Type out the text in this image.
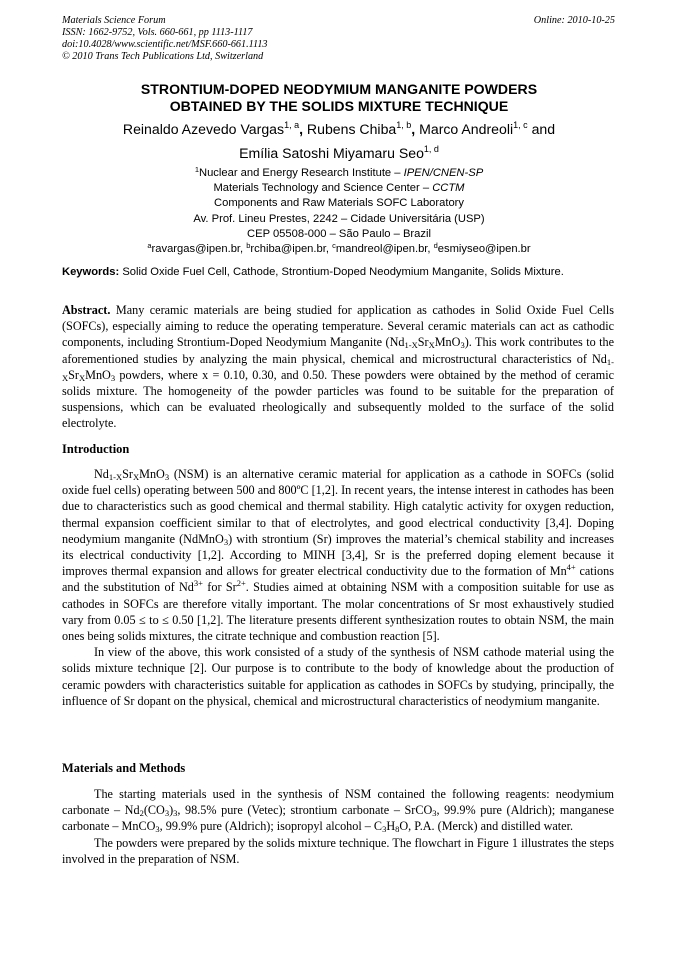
Materials Science Forum
ISSN: 1662-9752, Vols. 660-661, pp 1113-1117
doi:10.4028/www.scientific.net/MSF.660-661.1113
© 2010 Trans Tech Publications Ltd, Switzerland
Online: 2010-10-25
STRONTIUM-DOPED NEODYMIUM MANGANITE POWDERS
OBTAINED BY THE SOLIDS MIXTURE TECHNIQUE
Reinaldo Azevedo Vargas$^{1, a}$, Rubens Chiba$^{1, b}$, Marco Andreoli$^{1, c}$ and
Emília Satoshi Miyamaru Seo$^{1, d}$
$^1$Nuclear and Energy Research Institute – IPEN/CNEN-SP
Materials Technology and Science Center – CCTM
Components and Raw Materials SOFC Laboratory
Av. Prof. Lineu Prestes, 2242 – Cidade Universitária (USP)
CEP 05508-000 – São Paulo – Brazil
$^a$ravargas@ipen.br, $^b$rchiba@ipen.br, $^c$mandreol@ipen.br, $^d$esmiyseo@ipen.br
Keywords: Solid Oxide Fuel Cell, Cathode, Strontium-Doped Neodymium Manganite, Solids Mixture.

Abstract. Many ceramic materials are being studied for application as cathodes in Solid Oxide Fuel Cells (SOFCs), especially aiming to reduce the operating temperature. Several ceramic materials can act as cathodic components, including Strontium-Doped Neodymium Manganite $(Nd_{1-X}Sr_XMnO_3)$. This work contributes to the aforementioned studies by analyzing the main physical, chemical and microstructural characteristics of $Nd_{1-X}Sr_XMnO_3$ powders, where x = 0.10, 0.30, and 0.50. These powders were obtained by the method of ceramic solids mixture. The homogeneity of the powder particles was found to be suitable for the preparation of suspensions, which can be evaluated rheologically and subsequently molded to the surface of the solid electrolyte.

Introduction

$Nd_{1-X}Sr_XMnO_3$ (NSM) is an alternative ceramic material for application as a cathode in SOFCs (solid oxide fuel cells) operating between 500 and 800ºC [1,2]. In recent years, the intense interest in cathodes has been due to characteristics such as good chemical and thermal stability. High catalytic activity for oxygen reduction, thermal expansion coefficient similar to that of electrolytes, and good electrical conductivity [3,4]. Doping neodymium manganite (NdMnO$_3$) with strontium (Sr) improves the material’s chemical stability and increases its electrical conductivity [1,2]. According to MINH [3,4], Sr is the preferred doping element because it improves thermal expansion and allows for greater electrical conductivity due to the formation of $Mn^{4+}$ cations and the substitution of $Nd^{3+}$ for $Sr^{2+}$. Studies aimed at obtaining NSM with a composition suitable for use as cathodes in SOFCs are therefore vitally important. The molar concentrations of Sr most exhaustively studied vary from 0.05 ≤ to ≤ 0.50 [1,2]. The literature presents different synthesization routes to obtain NSM, the main ones being solids mixtures, the citrate technique and combustion reaction [5].

In view of the above, this work consisted of a study of the synthesis of NSM cathode material using the solids mixture technique [2]. Our purpose is to contribute to the body of knowledge about the production of ceramic powders with characteristics suitable for application as cathodes in SOFCs by studying, principally, the influence of Sr dopant on the physical, chemical and microstructural characteristics of neodymium manganite.

Materials and Methods

The starting materials used in the synthesis of NSM contained the following reagents: neodymium carbonate – $Nd_2(CO_3)_3$, 98.5% pure (Vetec); strontium carbonate – SrCO$_3$, 99.9% pure (Aldrich); manganese carbonate – MnCO$_3$, 99.9% pure (Aldrich); isopropyl alcohol – $C_3H_8O$, P.A. (Merck) and distilled water.

The powders were prepared by the solids mixture technique. The flowchart in Figure 1 illustrates the steps involved in the preparation of NSM.
